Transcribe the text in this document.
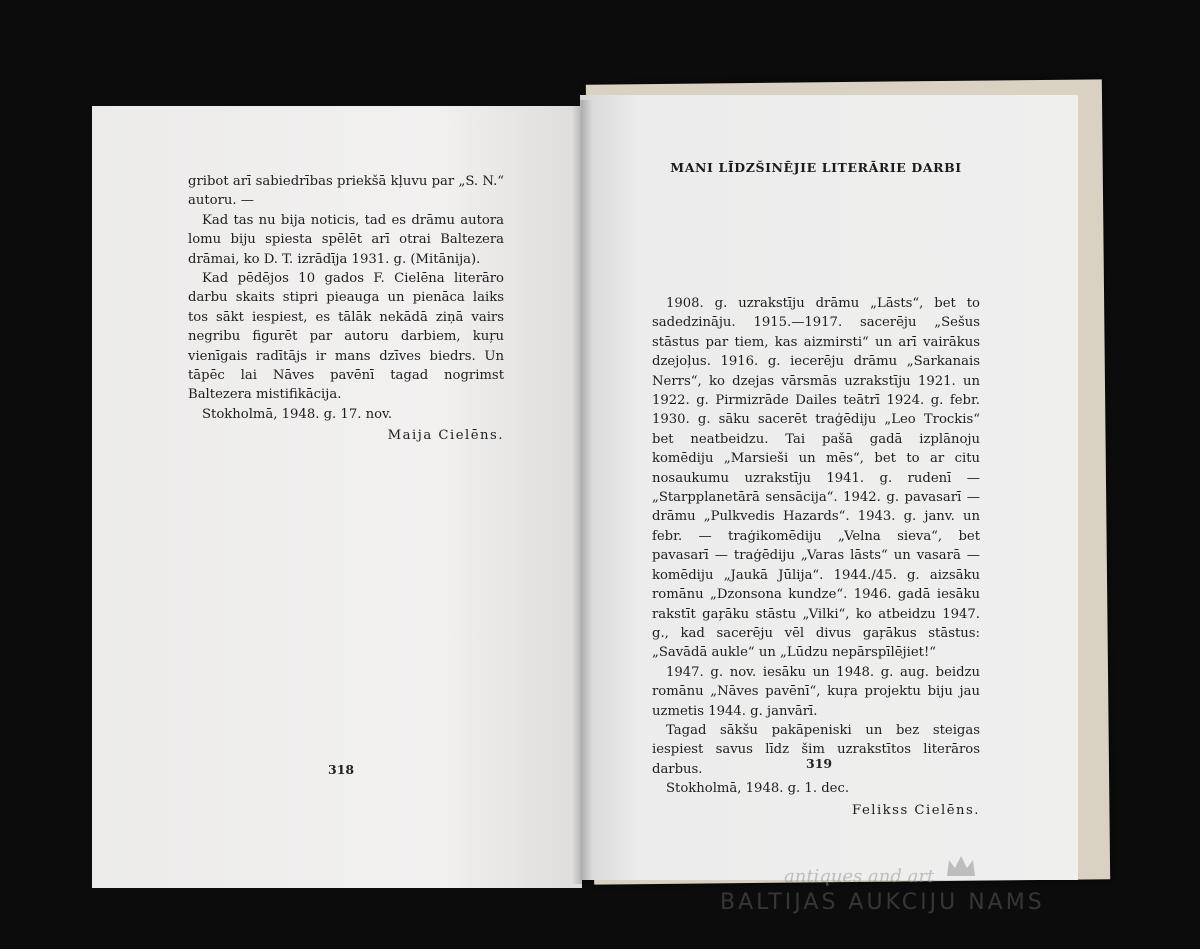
gribot arī sabiedrības priekšā kļuvu par „S. N.“ autoru. —

Kad tas nu bija noticis, tad es drāmu autora lomu biju spiesta spēlēt arī otrai Baltezera drāmai, ko D. T. izrādīja 1931. g. (Mitānija).

Kad pēdējos 10 gados F. Cielēna literāro darbu skaits stipri pieauga un pienāca laiks tos sākt iespiest, es tālāk nekādā ziņā vairs negribu figurēt par autoru darbiem, kuŗu vienīgais radītājs ir mans dzīves biedrs. Un tāpēc lai Nāves pavēnī tagad nogrimst Baltezera mistifikācija.

Stokholmā, 1948. g. 17. nov.

Maija Cielēns.

318
MANI LĪDZŠINĒJIE LITERĀRIE DARBI

1908. g. uzrakstīju drāmu „Lāsts“, bet to sadedzināju. 1915.—1917. sacerēju „Sešus stāstus par tiem, kas aizmirsti“ un arī vairākus dzejoļus. 1916. g. iecerēju drāmu „Sarkanais Nerrs“, ko dzejas vārsmās uzrakstīju 1921. un 1922. g. Pirmizrāde Dailes teātrī 1924. g. febr. 1930. g. sāku sacerēt traģēdiju „Leo Trockis“ bet neatbeidzu. Tai pašā gadā izplānoju komēdiju „Marsieši un mēs“, bet to ar citu nosaukumu uzrakstīju 1941. g. rudenī — „Starpplanetārā sensācija“. 1942. g. pavasarī — drāmu „Pulkvedis Hazards“. 1943. g. janv. un febr. — traģikomēdiju „Velna sieva“, bet pavasarī — traģēdiju „Varas lāsts“ un vasarā — komēdiju „Jaukā Jūlija“. 1944./45. g. aizsāku romānu „Dzonsona kundze“. 1946. gadā iesāku rakstīt gaŗāku stāstu „Vilki“, ko atbeidzu 1947. g., kad sacerēju vēl divus gaŗākus stāstus: „Savādā aukle“ un „Lūdzu nepārspīlējiet!“

1947. g. nov. iesāku un 1948. g. aug. beidzu romānu „Nāves pavēnī“, kuŗa projektu biju jau uzmetis 1944. g. janvārī.

Tagad sākšu pakāpeniski un bez steigas iespiest savus līdz šim uzrakstītos literāros darbus.

Stokholmā, 1948. g. 1. dec.

Felikss Cielēns.

319
antiques and art
BALTIJAS AUKCIJU NAMS
